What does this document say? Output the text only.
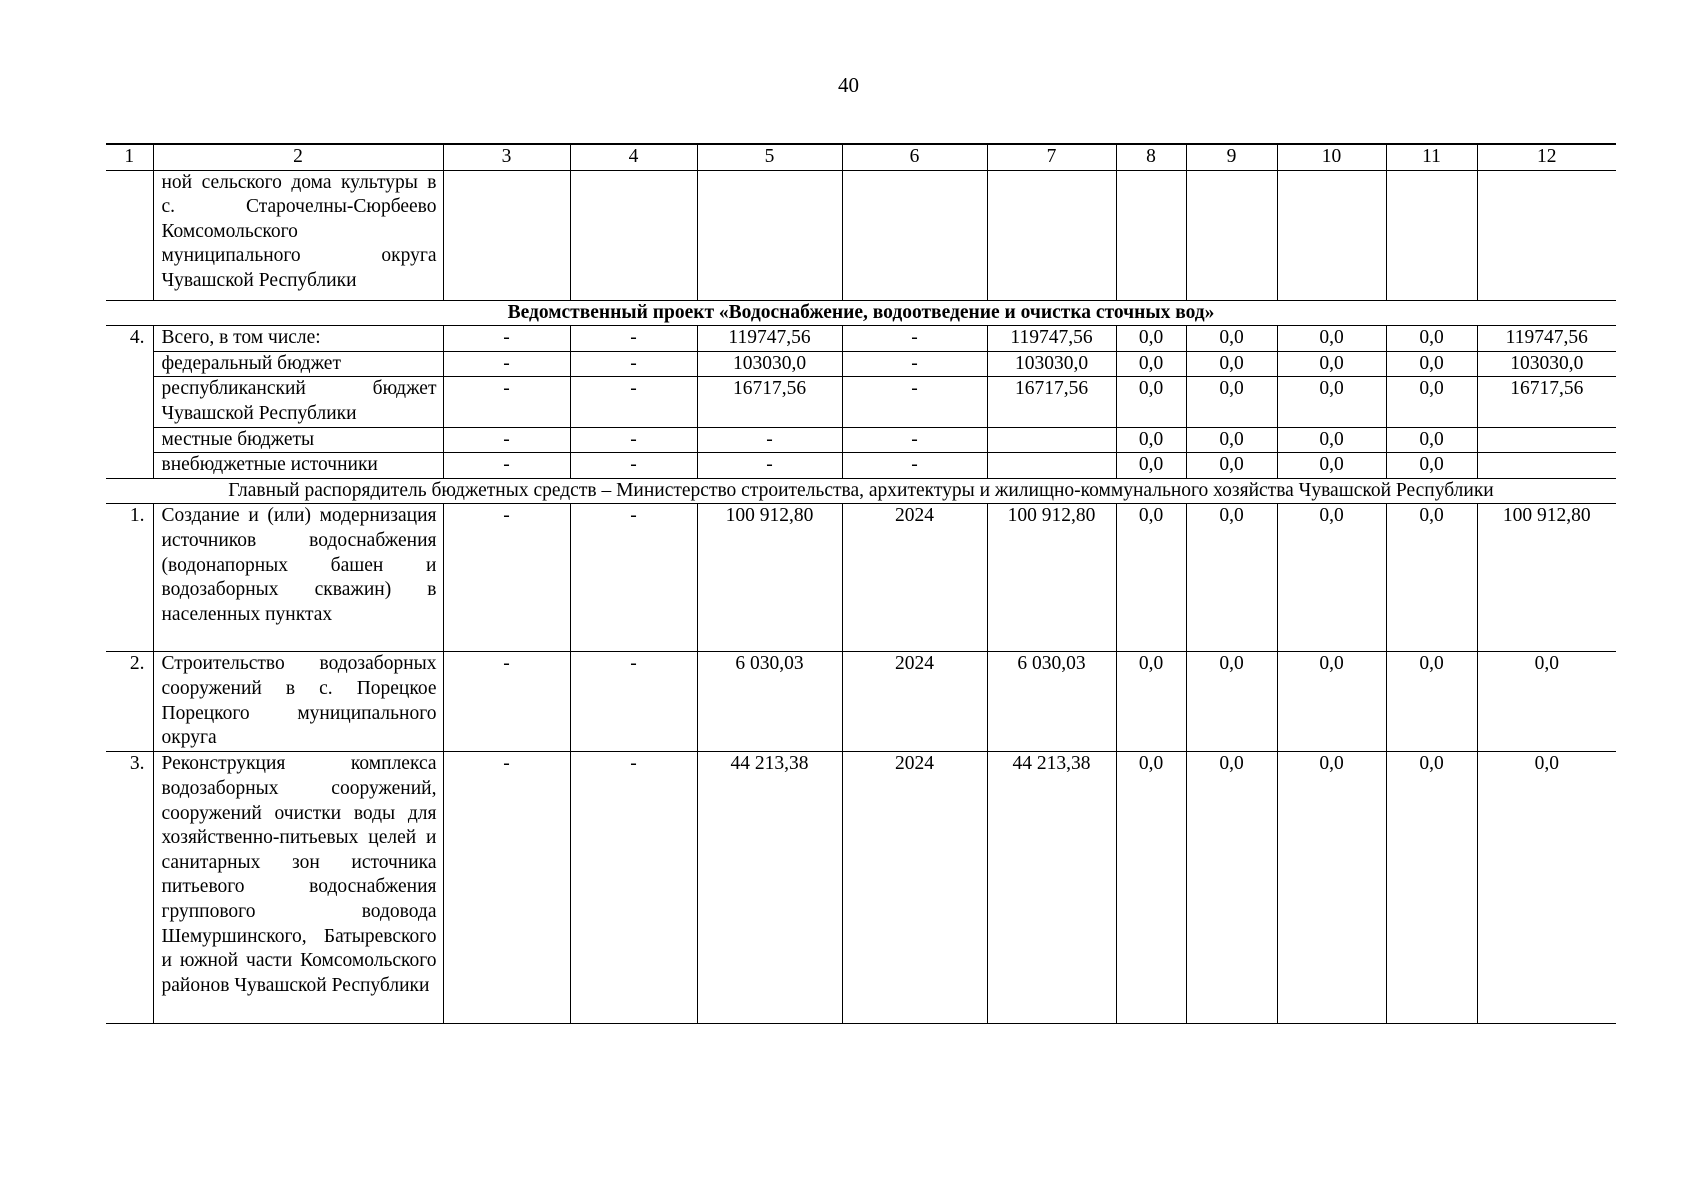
40
1	2	3	4	5	6	7	8	9	10	11	12
	ной сельского дома культуры в с. Старочелны-Сюрбеево Комсомольского муниципального округа Чувашской Республики										
Ведомственный проект «Водоснабжение, водоотведение и очистка сточных вод»											
4.	Всего, в том числе:	-	-	119747,56	-	119747,56	0,0	0,0	0,0	0,0	119747,56
	федеральный бюджет	-	-	103030,0	-	103030,0	0,0	0,0	0,0	0,0	103030,0
	республиканский бюджет Чувашской Республики	-	-	16717,56	-	16717,56	0,0	0,0	0,0	0,0	16717,56
	местные бюджеты	-	-	-	-		0,0	0,0	0,0	0,0	
	внебюджетные источники	-	-	-	-		0,0	0,0	0,0	0,0	
Главный распорядитель бюджетных средств – Министерство строительства, архитектуры и жилищно-коммунального хозяйства Чувашской Республики											
1.	Создание и (или) модернизация источников водоснабжения (водонапорных башен и водозаборных скважин) в населенных пунктах	-	-	100 912,80	2024	100 912,80	0,0	0,0	0,0	0,0	100 912,80
2.	Строительство водозаборных сооружений в с. Порецкое Порецкого муниципального округа	-	-	6 030,03	2024	6 030,03	0,0	0,0	0,0	0,0	0,0
3.	Реконструкция комплекса водозаборных сооружений, сооружений очистки воды для хозяйственно-питьевых целей и санитарных зон источника питьевого водоснабжения группового водовода Шемуршинского, Батыревского и южной части Комсомольского районов Чувашской Республики	-	-	44 213,38	2024	44 213,38	0,0	0,0	0,0	0,0	0,0
